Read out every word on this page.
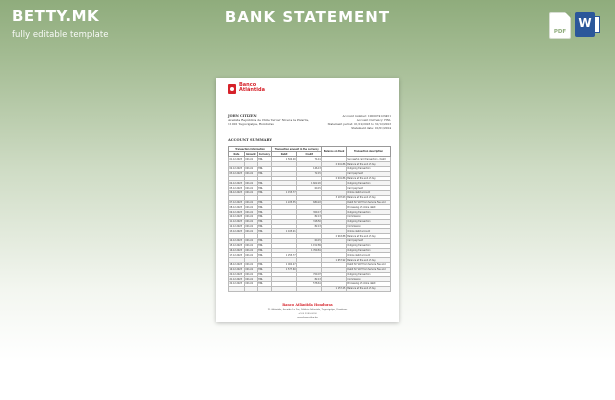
BETTY.MK
fully editable template
BANK STATEMENT
PDF
W
Banco
Atlántida
JOHN CITIZEN
Avenida República de Chile Tercer Nivel a la Pizarra,
11001 Tegucigalpa, Honduras
Account number: 1000074123451
Account Currency: HNL
Statement period: 01/12/2023 to 31/12/2023
Statement date: 01/01/2024
ACCOUNT SUMMARY
Transaction information			Transaction amount in the currency		Balance on Book	Transaction description
Date	Amount	Currency	Debit	Credit		
01.12.2023	001-01	HNL	1 500.00	74.41		Successful card transaction - Debit
					2 041.86	Balance at the end of day
02.12.2023	001-01	HNL		146.13		Outgoing transaction
03.12.2023	001-01	HNL		72.15		Card payment
					2 041.86	Balance at the end of day
04.12.2023	001-01	HNL		1 602.20		Outgoing transaction
05.12.2023	001-01	HNL		60.15		Card payment
06.12.2023	001-01	HNL	1 155.77			Online debit account
					3 197.63	Balance at the end of day
07.12.2023	001-01	HNL	1 225.35	680.22		Debit for VAT from Service Fee and
08.12.2023	001-01	HNL				Processing of online debit
09.12.2023	001-01	HNL		309.17		Outgoing transaction
10.12.2023	001-01	HNL		82.13		Commission
11.12.2023	001-01	HNL		318.50		Outgoing transaction
12.12.2023	001-01	HNL		82.13		Commission
13.12.2023	001-01	HNL	1 105.21			Online debit account
					2 918.88	Balance at the end of day
14.12.2023	001-01	HNL		60.15		Card payment
15.12.2023	001-01	HNL		1 152.89		Outgoing transaction
16.12.2023	001-01	HNL		1 769.81		Outgoing transaction
17.12.2023	001-01	HNL	1 255.77			Online debit account
					1 657.92	Balance at the end of day
18.12.2023	001-01	HNL	1 002.27			Debit for VAT from Service Fee and
19.12.2023	001-01	HNL	1 577.60			Debit for VAT from Service Fee and
20.12.2023	001-01	HNL		709.07		Outgoing transaction
21.12.2023	001-01	HNL		82.13		Commission
22.12.2023	001-01	HNL		578.61		Processing of online debit
					1 157.25	Balance at the end of day
Banco Atlántida Honduras
Pl. Atlántida, Avenida La Paz, Edificio Atlántida, Tegucigalpa, Honduras
+504 2280-0000
www.bancatlan.hn
